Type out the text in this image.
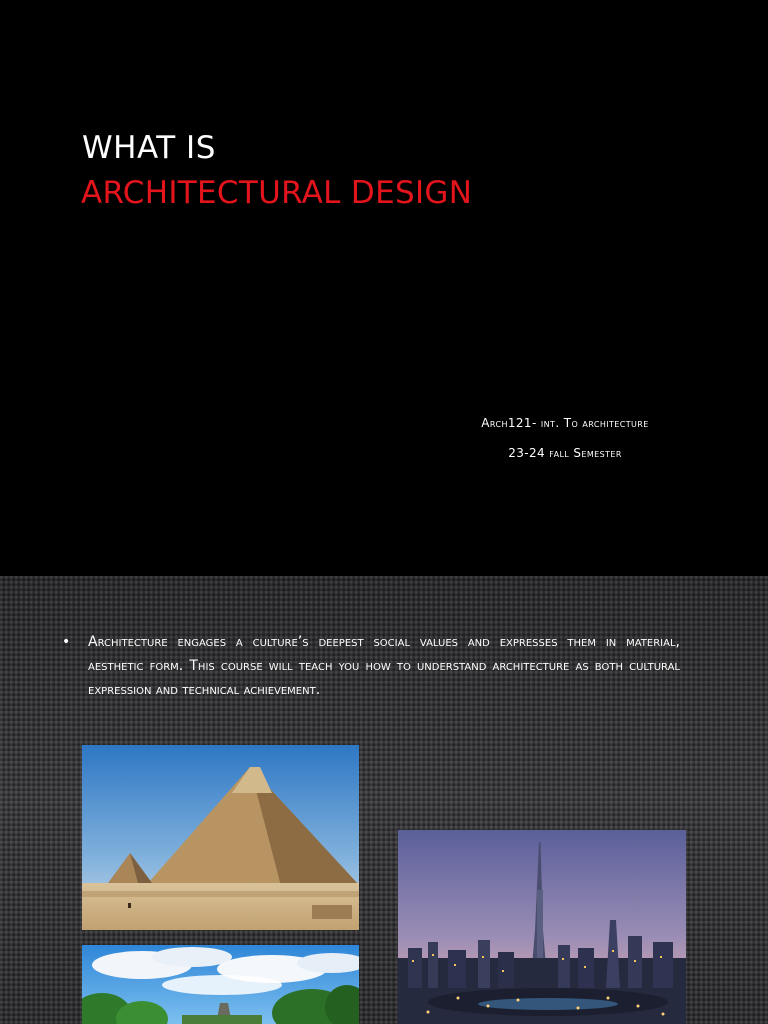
WHAT IS
ARCHITECTURAL DESIGN
Arch121- int. To architecture
23-24 fall Semester
• Architecture engages a culture’s deepest social values and expresses them in material, aesthetic form. This course will teach you how to understand architecture as both cultural expression and technical achievement.
